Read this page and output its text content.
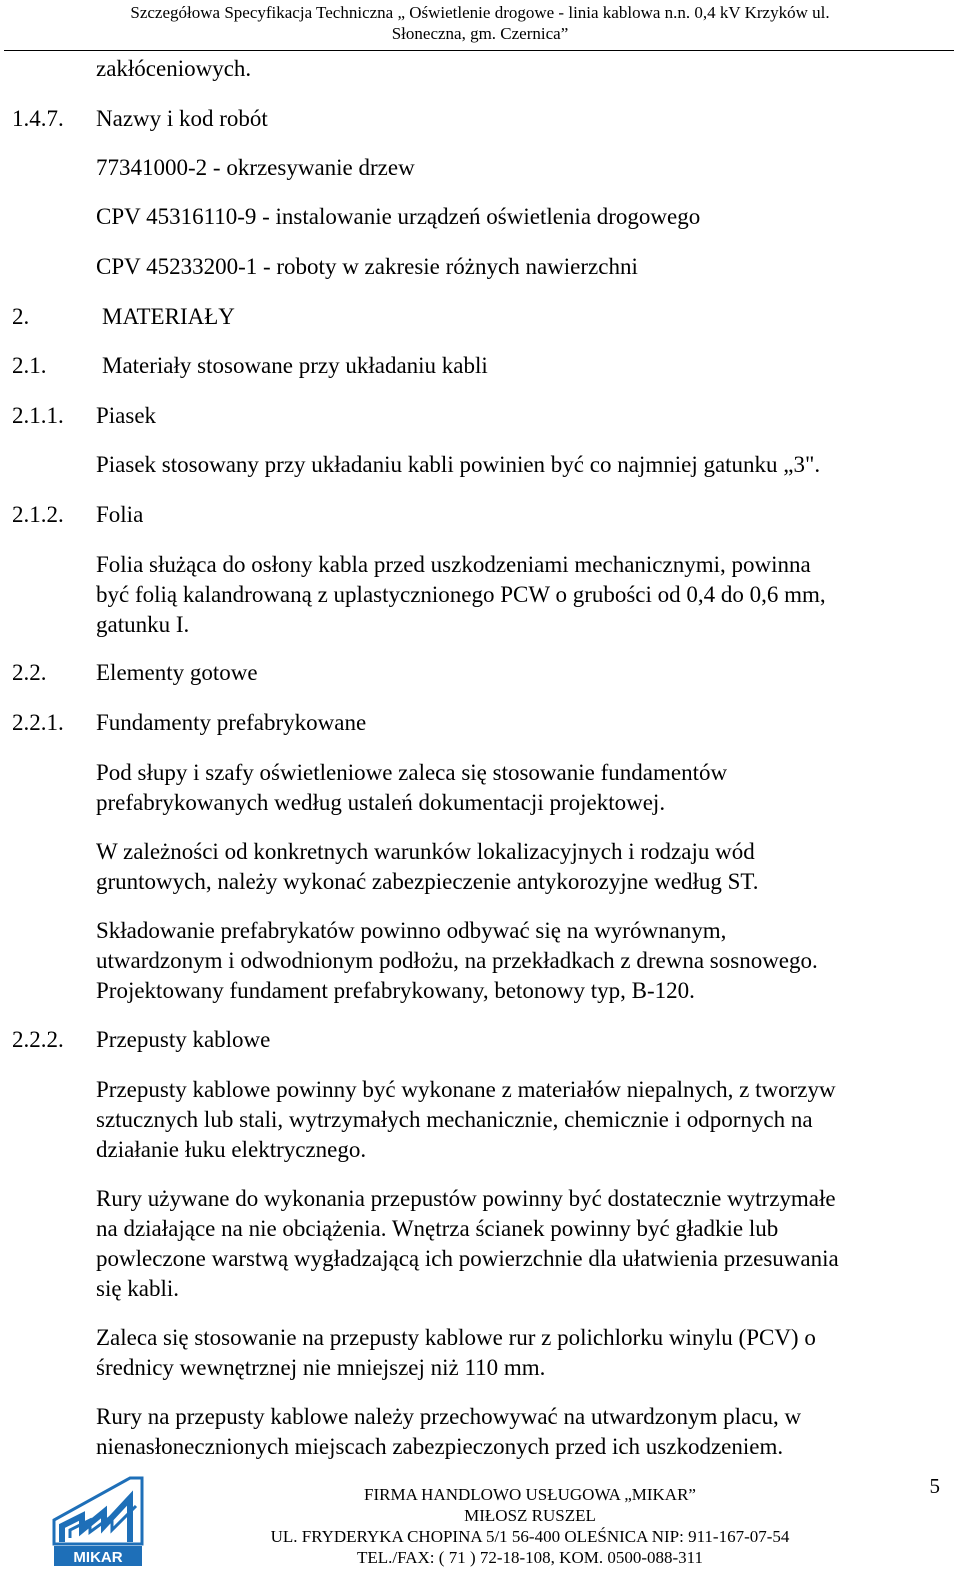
Szczegółowa Specyfikacja Techniczna „ Oświetlenie drogowe - linia kablowa n.n. 0,4 kV Krzyków ul.
Słoneczna, gm. Czernica”
zakłóceniowych.
1.4.7. Nazwy i kod robót
77341000-2 - okrzesywanie drzew
CPV 45316110-9 - instalowanie urządzeń oświetlenia drogowego
CPV 45233200-1 - roboty w zakresie różnych nawierzchni
2.	MATERIAŁY
2.1. Materiały stosowane przy układaniu kabli
2.1.1. Piasek
Piasek stosowany przy układaniu kabli powinien być co najmniej gatunku „3".
2.1.2. Folia
Folia służąca do osłony kabla przed uszkodzeniami mechanicznymi, powinna
być folią kalandrowaną z uplastycznionego PCW o grubości od 0,4 do 0,6 mm,
gatunku I.
2.2. Elementy gotowe
2.2.1. Fundamenty prefabrykowane
Pod słupy i szafy oświetleniowe zaleca się stosowanie fundamentów
prefabrykowanych według ustaleń dokumentacji projektowej.
W zależności od konkretnych warunków lokalizacyjnych i rodzaju wód
gruntowych, należy wykonać zabezpieczenie antykorozyjne według ST.
Składowanie prefabrykatów powinno odbywać się na wyrównanym,
utwardzonym i odwodnionym podłożu, na przekładkach z drewna sosnowego.
Projektowany fundament prefabrykowany, betonowy typ, B-120.
2.2.2. Przepusty kablowe
Przepusty kablowe powinny być wykonane z materiałów niepalnych, z tworzyw
sztucznych lub stali, wytrzymałych mechanicznie, chemicznie i odpornych na
działanie łuku elektrycznego.
Rury używane do wykonania przepustów powinny być dostatecznie wytrzymałe
na działające na nie obciążenia. Wnętrza ścianek powinny być gładkie lub
powleczone warstwą wygładzającą ich powierzchnie dla ułatwienia przesuwania
się kabli.
Zaleca się stosowanie na przepusty kablowe rur z polichlorku winylu (PCV) o
średnicy wewnętrznej nie mniejszej niż 110 mm.
Rury na przepusty kablowe należy przechowywać na utwardzonym placu, w
nienasłonecznionych miejscach zabezpieczonych przed ich uszkodzeniem.
MIKAR
FIRMA HANDLOWO USŁUGOWA „MIKAR”
MIŁOSZ RUSZEL
UL. FRYDERYKA CHOPINA 5/1 56-400 OLEŚNICA NIP: 911-167-07-54
TEL./FAX: ( 71 ) 72-18-108, KOM. 0500-088-311
5
